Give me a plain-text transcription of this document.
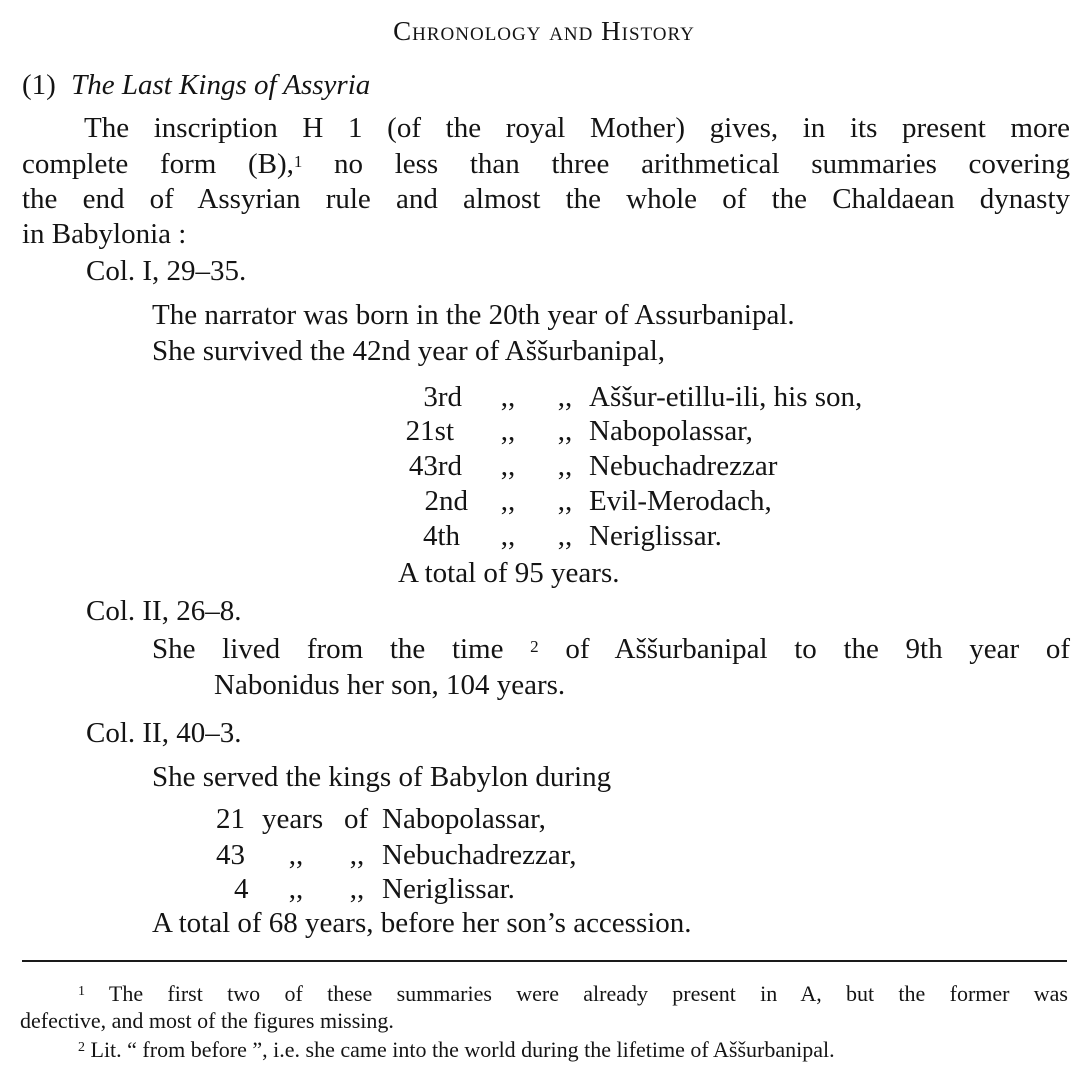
Chronology and History
(1) The Last Kings of Assyria
The inscription H 1 (of the royal Mother) gives, in its present more
complete form (B),$^1$ no less than three arithmetical summaries covering
the end of Assyrian rule and almost the whole of the Chaldaean dynasty
in Babylonia :
Col. I, 29–35.
The narrator was born in the 20th year of Assurbanipal.
She survived the 42nd year of Aššurbanipal,
3rd ,, ,, Aššur-etillu-ili, his son,
21st ,, ,, Nabopolassar,
43rd ,, ,, Nebuchadrezzar
2nd ,, ,, Evil-Merodach,
4th ,, ,, Neriglissar.
A total of 95 years.
Col. II, 26–8.
She lived from the time $^2$ of Aššurbanipal to the 9th year of
Nabonidus her son, 104 years.
Col. II, 40–3.
She served the kings of Babylon during
21 years of Nabopolassar,
43 ,, ,, Nebuchadrezzar,
4 ,, ,, Neriglissar.
A total of 68 years, before her son’s accession.
$^1$ The first two of these summaries were already present in A, but the former was
defective, and most of the figures missing.
$^2$ Lit. “ from before ”, i.e. she came into the world during the lifetime of Aššurbanipal.
